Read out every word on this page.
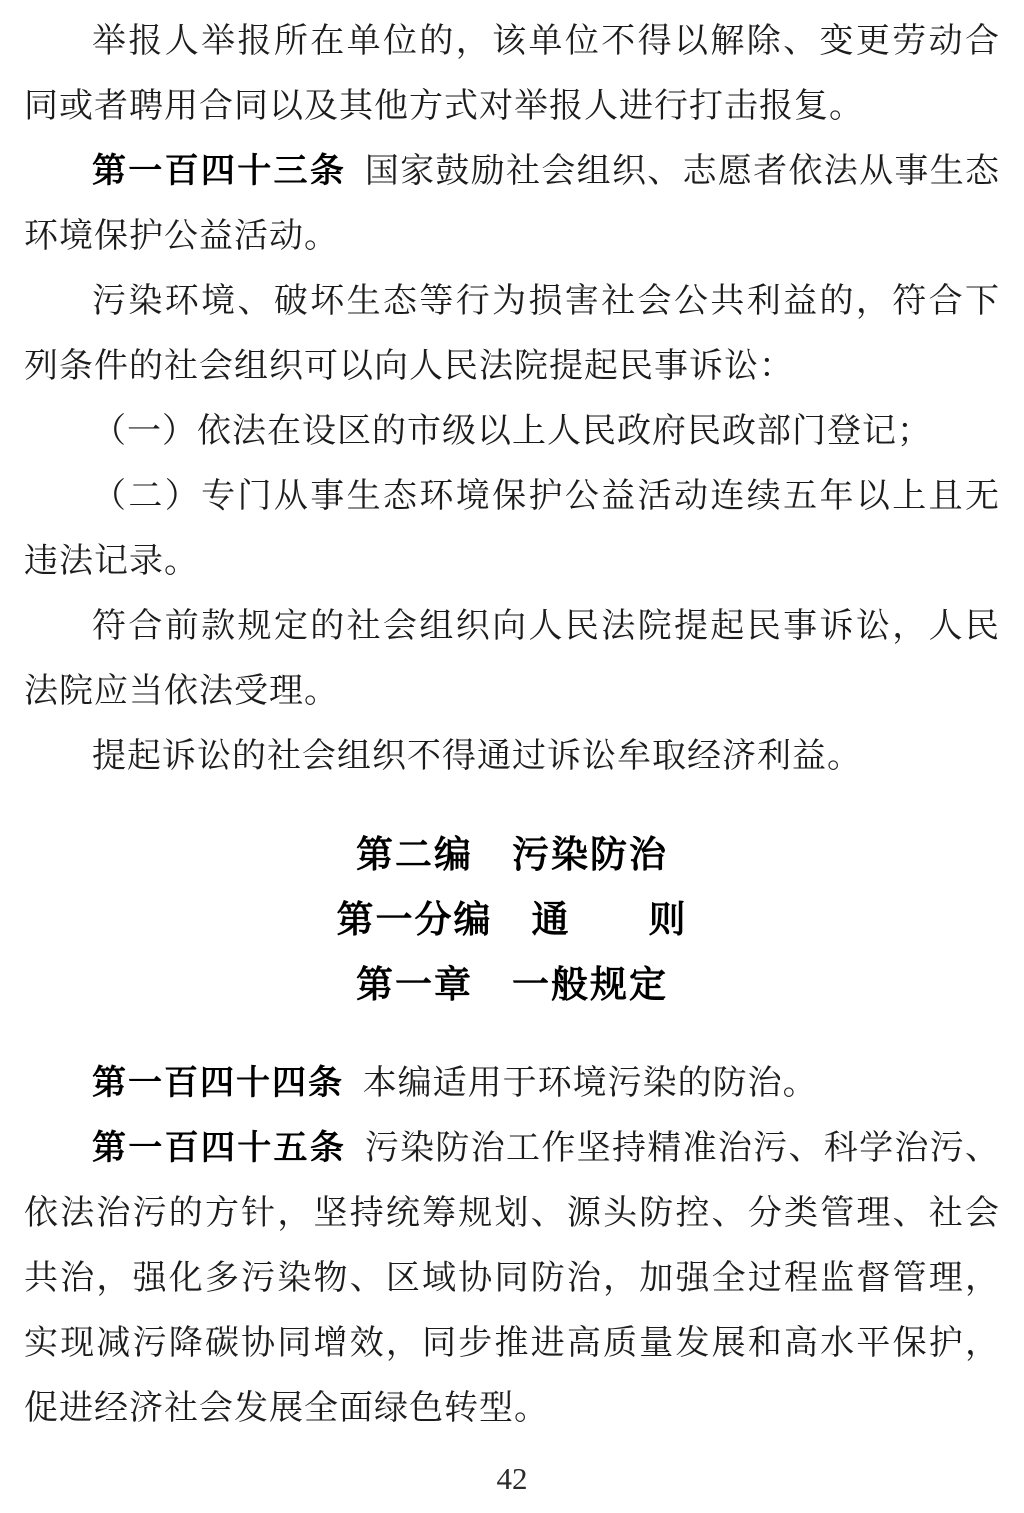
举报人举报所在单位的，该单位不得以解除、变更劳动合同或者聘用合同以及其他方式对举报人进行打击报复。

第一百四十三条 国家鼓励社会组织、志愿者依法从事生态环境保护公益活动。

污染环境、破坏生态等行为损害社会公共利益的，符合下列条件的社会组织可以向人民法院提起民事诉讼：

（一）依法在设区的市级以上人民政府民政部门登记；

（二）专门从事生态环境保护公益活动连续五年以上且无违法记录。

符合前款规定的社会组织向人民法院提起民事诉讼，人民法院应当依法受理。

提起诉讼的社会组织不得通过诉讼牟取经济利益。

第二编　污染防治
第一分编　通　　则
第一章　一般规定

第一百四十四条 本编适用于环境污染的防治。

第一百四十五条 污染防治工作坚持精准治污、科学治污、依法治污的方针，坚持统筹规划、源头防控、分类管理、社会共治，强化多污染物、区域协同防治，加强全过程监督管理，实现减污降碳协同增效，同步推进高质量发展和高水平保护，促进经济社会发展全面绿色转型。

42
